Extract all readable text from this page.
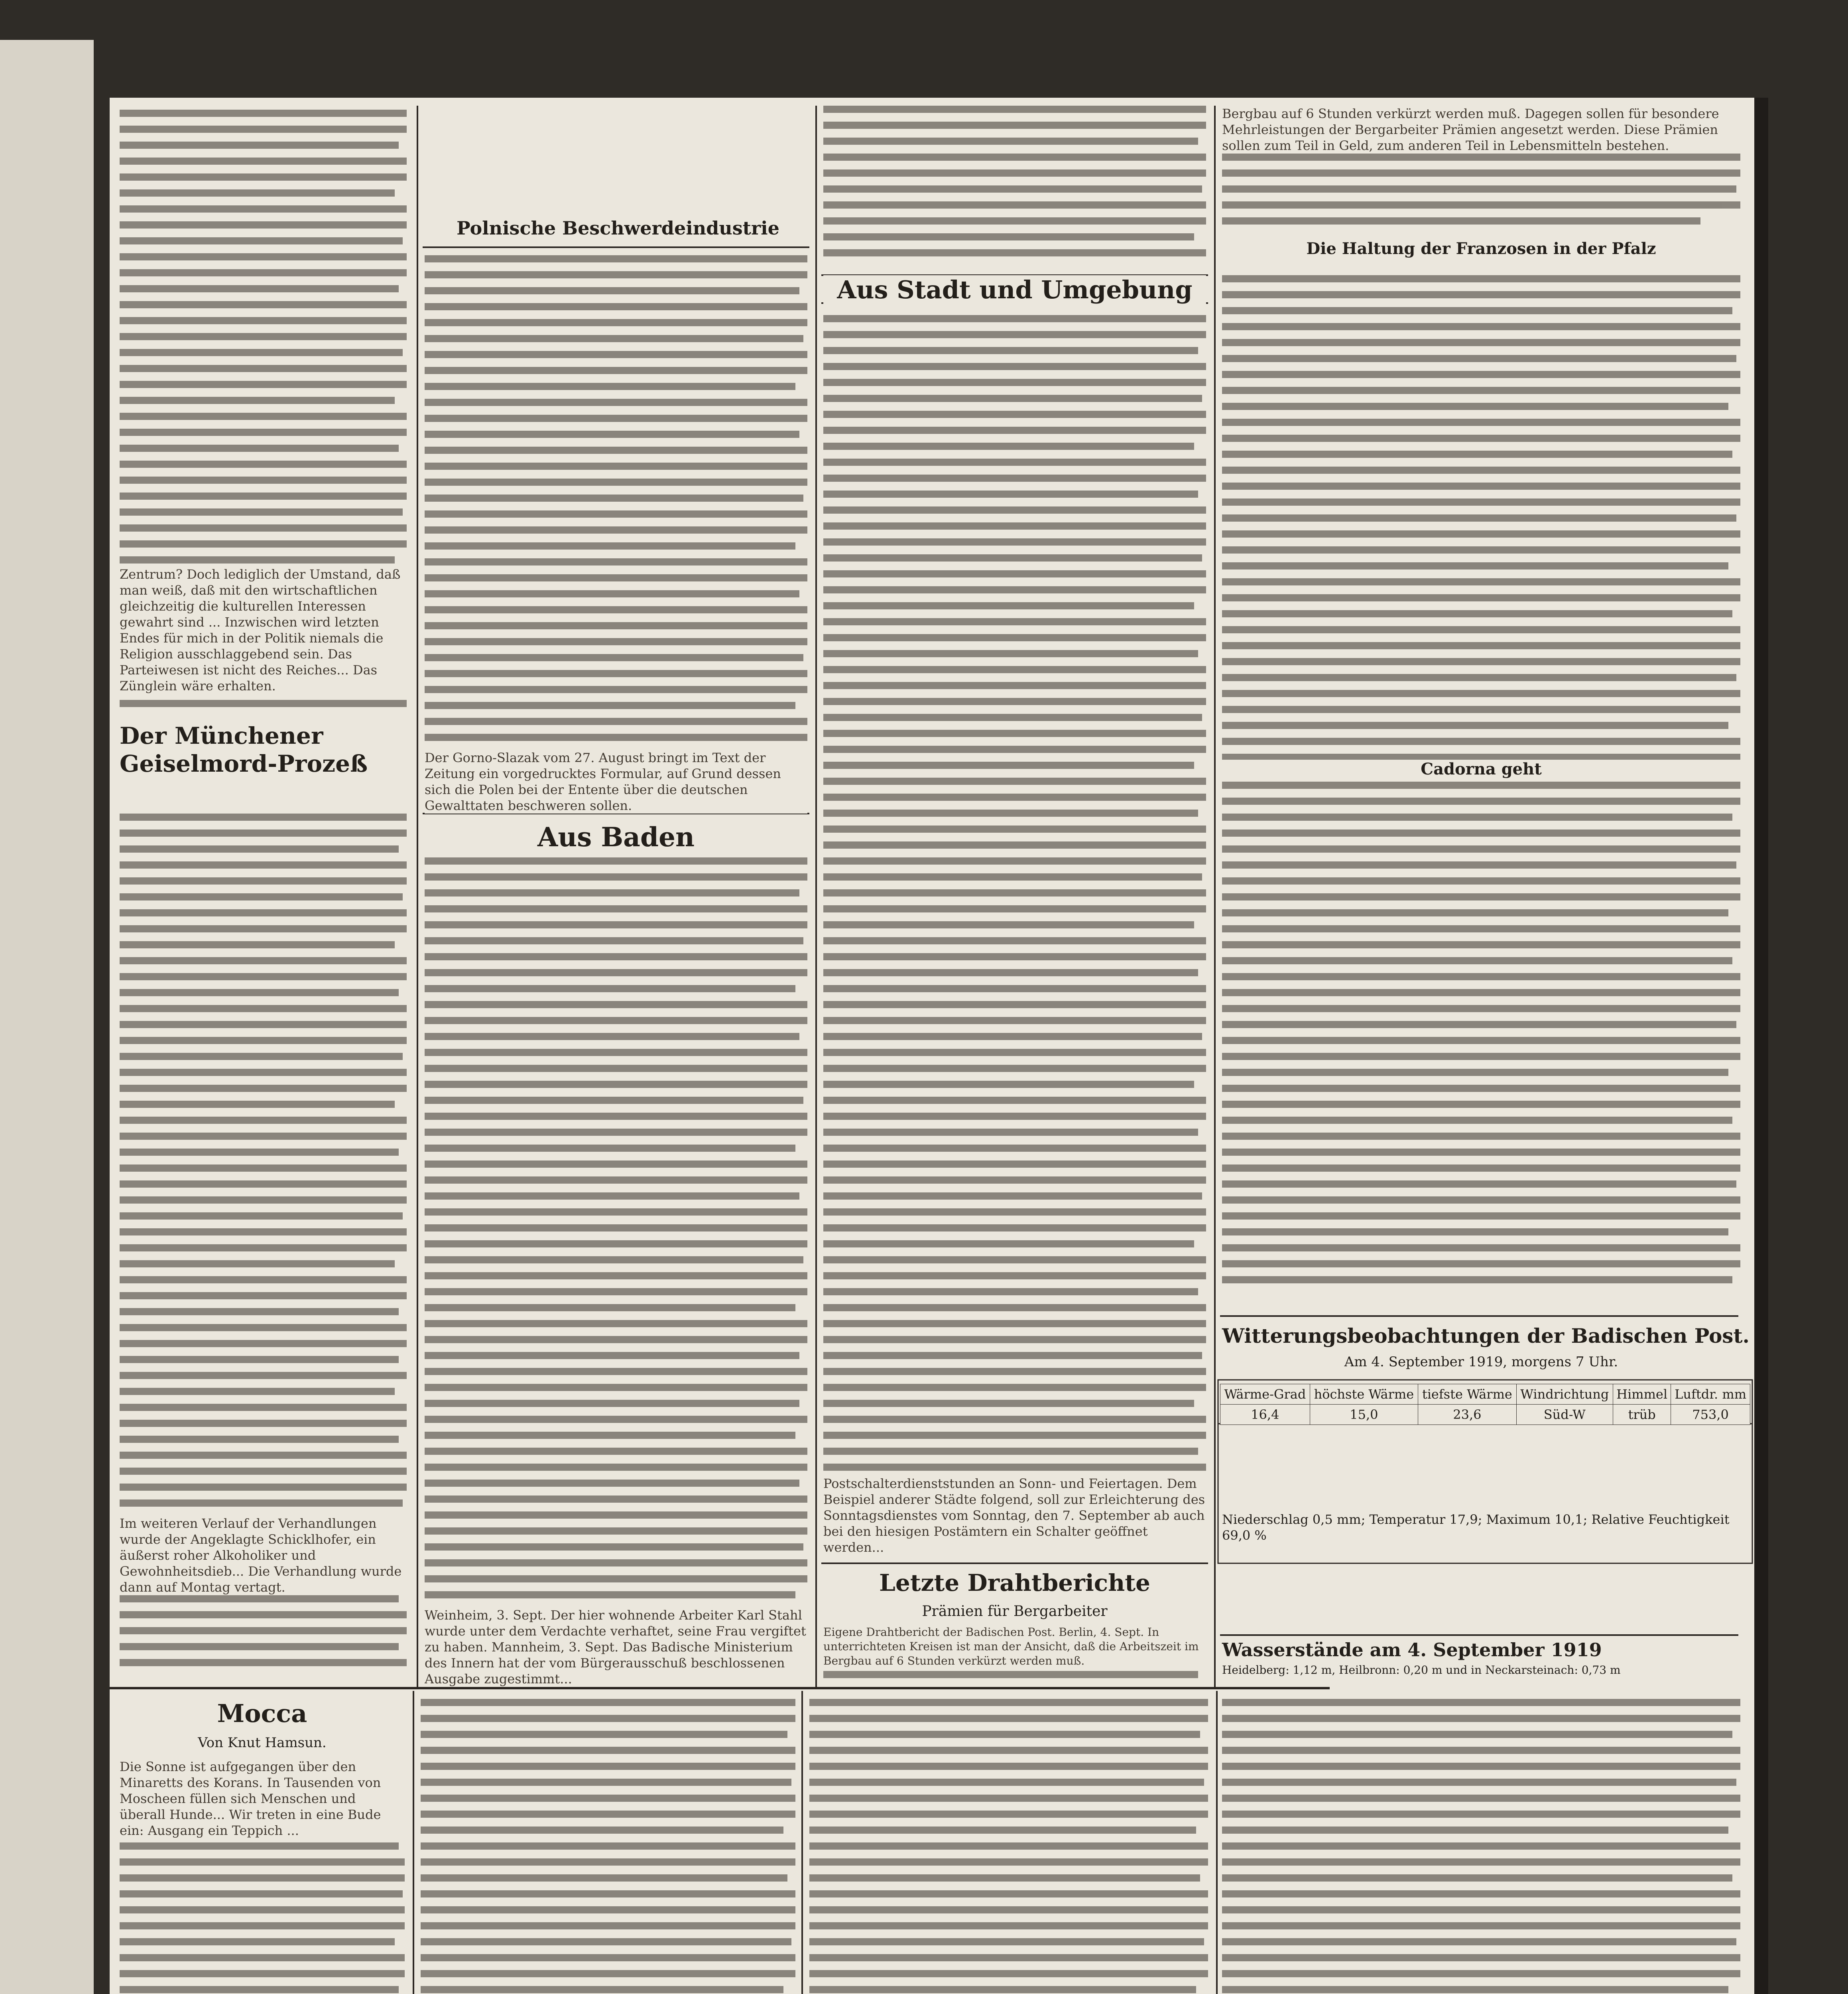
Der Münchener Geiselmord-Prozeß
Zentrum? Doch lediglich der Umstand, daß man weiß, daß mit den wirtschaftlichen gleichzeitig die kulturellen Interessen gewahrt sind ... Inzwischen wird letzten Endes für mich in der Politik niemals die Religion ausschlaggebend sein. Das Parteiwesen ist nicht des Reiches... Das Zünglein wäre erhalten.
Im weiteren Verlauf der Verhandlungen wurde der Angeklagte Schicklhofer, ein äußerst roher Alkoholiker und Gewohnheitsdieb... Die Verhandlung wurde dann auf Montag vertagt.
Polnische Beschwerdeindustrie
Der Gorno-Slazak vom 27. August bringt im Text der Zeitung ein vorgedrucktes Formular, auf Grund dessen sich die Polen bei der Entente über die deutschen Gewalttaten beschweren sollen.
Aus Baden
Weinheim, 3. Sept. Der hier wohnende Arbeiter Karl Stahl wurde unter dem Verdachte verhaftet, seine Frau vergiftet zu haben. Mannheim, 3. Sept. Das Badische Ministerium des Innern hat der vom Bürgerausschuß beschlossenen Ausgabe zugestimmt...
Aus Stadt und Umgebung
Postschalterdienststunden an Sonn- und Feiertagen. Dem Beispiel anderer Städte folgend, soll zur Erleichterung des Sonntagsdienstes vom Sonntag, den 7. September ab auch bei den hiesigen Postämtern ein Schalter geöffnet werden...
Letzte Drahtberichte
Prämien für Bergarbeiter
Eigene Drahtbericht der Badischen Post. Berlin, 4. Sept. In unterrichteten Kreisen ist man der Ansicht, daß die Arbeitszeit im Bergbau auf 6 Stunden verkürzt werden muß.
Bergbau auf 6 Stunden verkürzt werden muß. Dagegen sollen für besondere Mehrleistungen der Bergarbeiter Prämien angesetzt werden. Diese Prämien sollen zum Teil in Geld, zum anderen Teil in Lebensmitteln bestehen.
Die Haltung der Franzosen in der Pfalz
Cadorna geht
Witterungsbeobachtungen der Badischen Post.
Am 4. September 1919, morgens 7 Uhr.
Wärme-Grad	höchste Wärme	tiefste Wärme	Windrichtung	Himmel	Luftdr. mm
16,4	15,0	23,6	Süd-W	trüb	753,0
Niederschlag 0,5 mm; Temperatur 17,9; Maximum 10,1; Relative Feuchtigkeit 69,0 %
Wasserstände am 4. September 1919
Heidelberg: 1,12 m, Heilbronn: 0,20 m und in Neckarsteinach: 0,73 m
Mocca
Von Knut Hamsun.
Die Sonne ist aufgegangen über den Minaretts des Korans. In Tausenden von Moscheen füllen sich Menschen und überall Hunde... Wir treten in eine Bude ein: Ausgang ein Teppich ...
